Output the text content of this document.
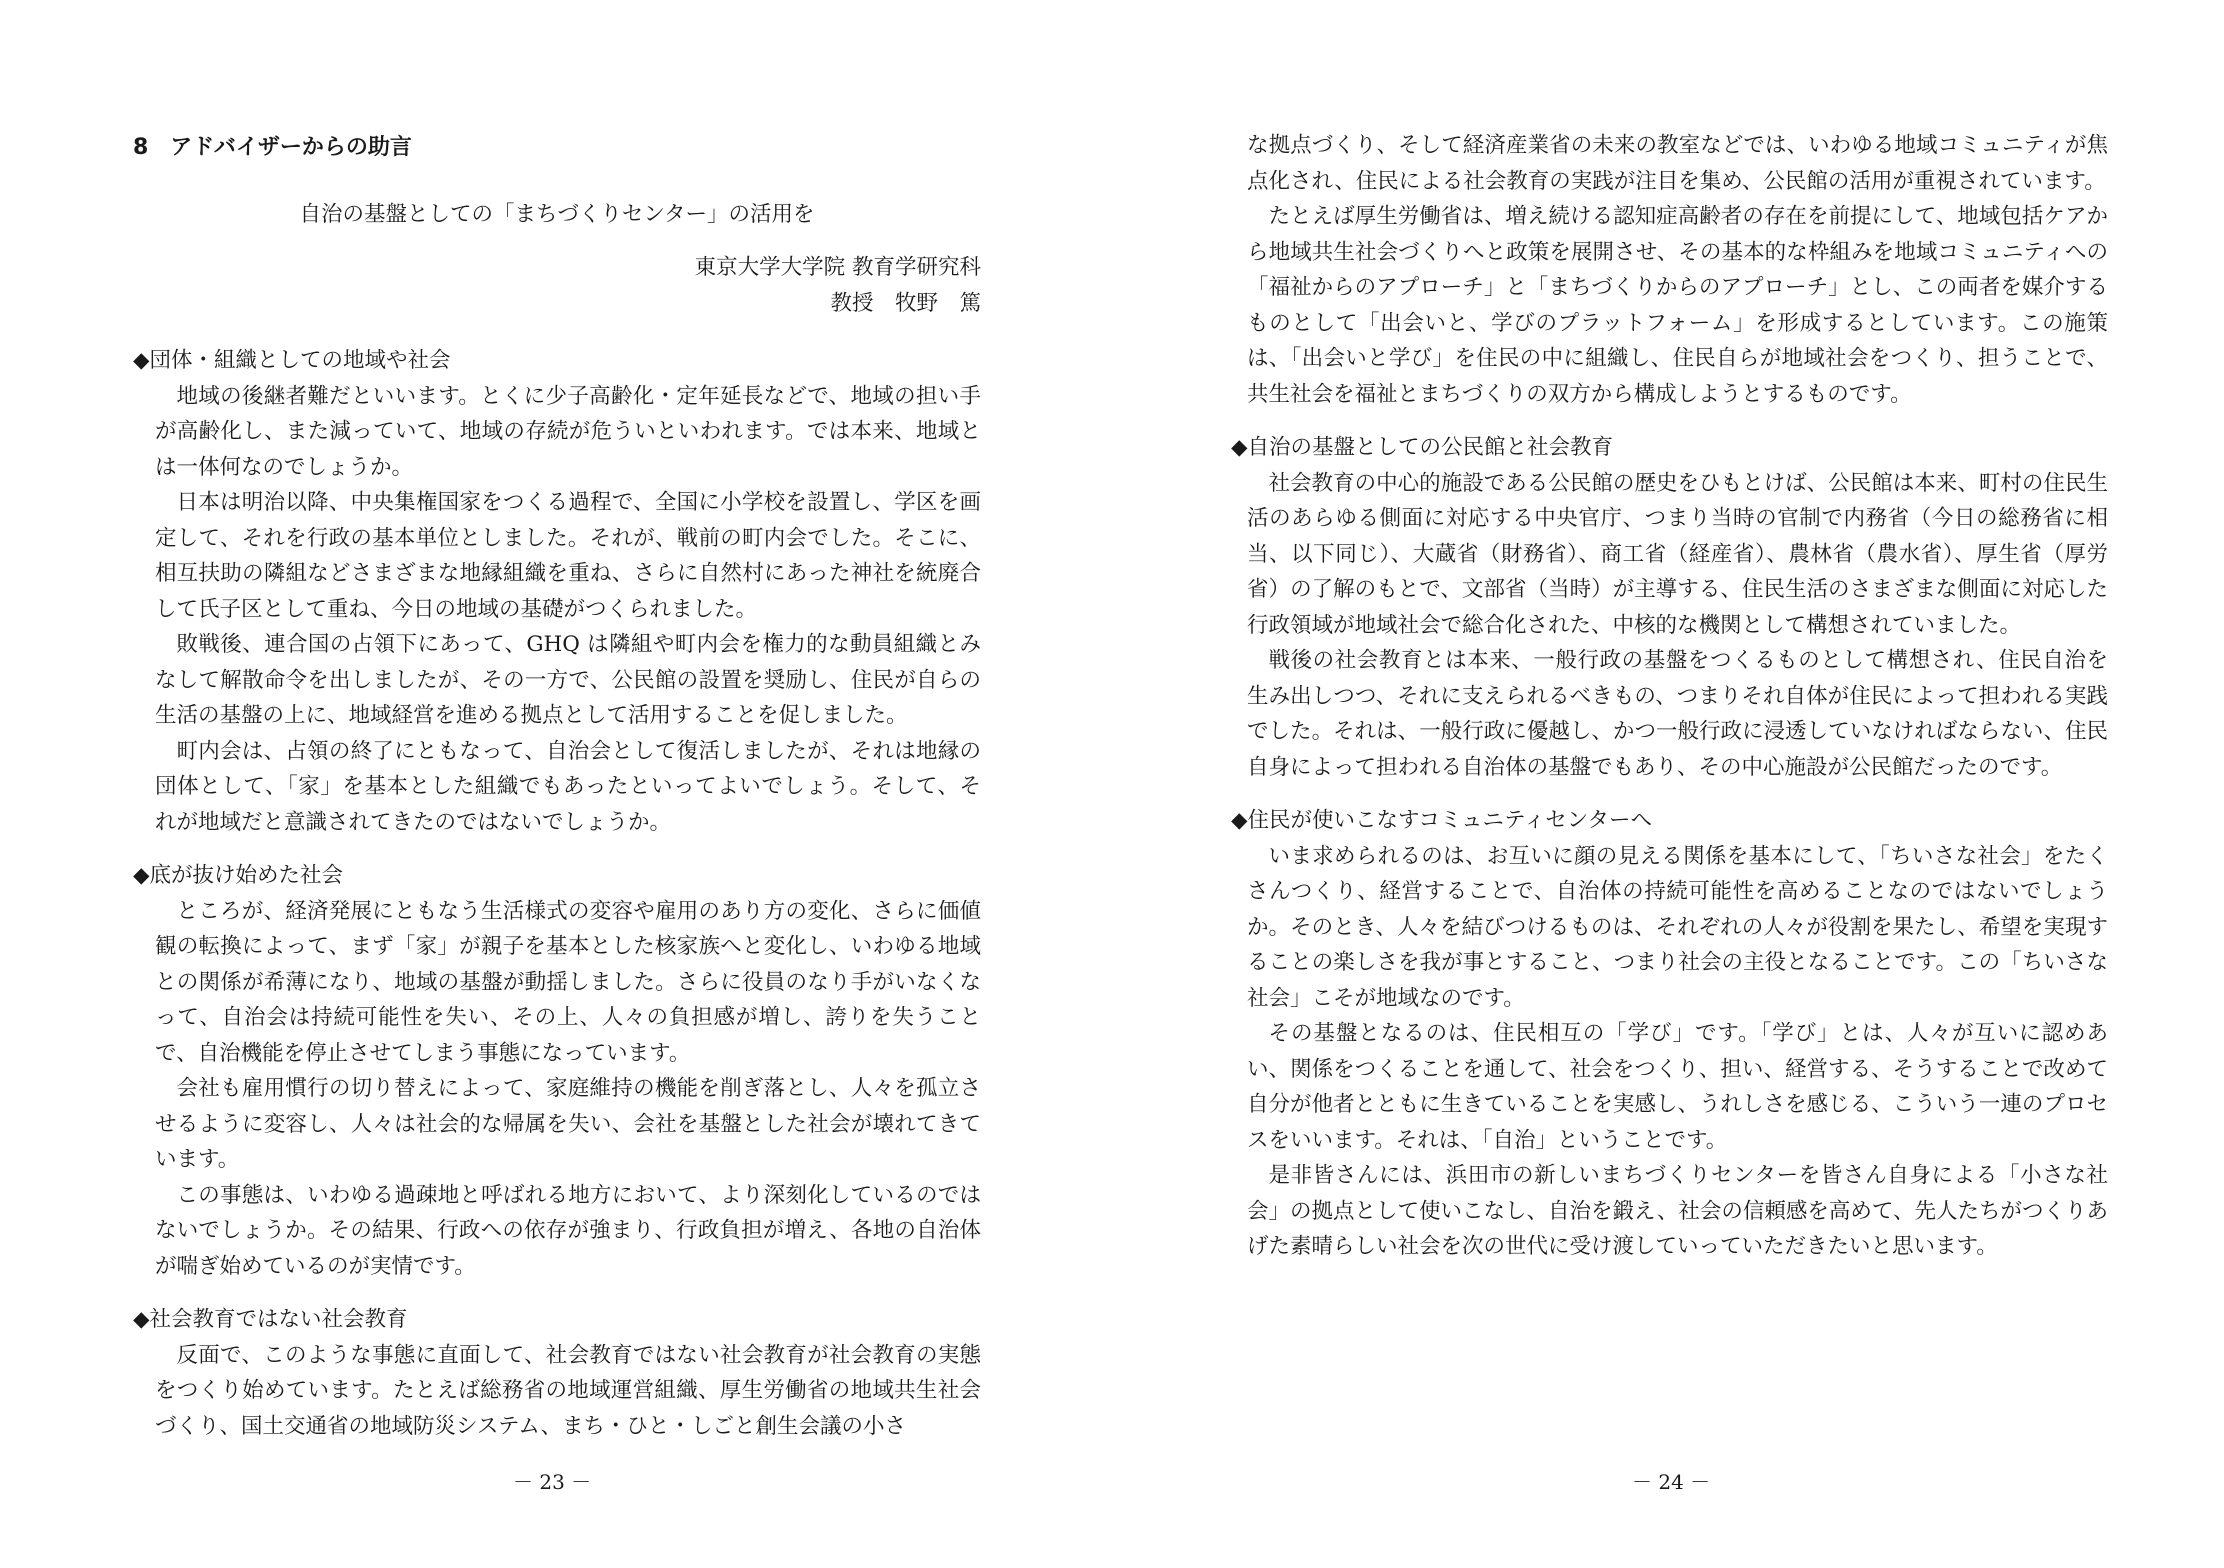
8　アドバイザーからの助言
自治の基盤としての「まちづくりセンター」の活用を
東京大学大学院 教育学研究科
教授　牧野　篤
◆団体・組織としての地域や社会

地域の後継者難だといいます。とくに少子高齢化・定年延長などで、地域の担い手が高齢化し、また減っていて、地域の存続が危ういといわれます。では本来、地域とは一体何なのでしょうか。

日本は明治以降、中央集権国家をつくる過程で、全国に小学校を設置し、学区を画定して、それを行政の基本単位としました。それが、戦前の町内会でした。そこに、相互扶助の隣組などさまざまな地縁組織を重ね、さらに自然村にあった神社を統廃合して氏子区として重ね、今日の地域の基礎がつくられました。

敗戦後、連合国の占領下にあって、GHQ は隣組や町内会を権力的な動員組織とみなして解散命令を出しましたが、その一方で、公民館の設置を奨励し、住民が自らの生活の基盤の上に、地域経営を進める拠点として活用することを促しました。

町内会は、占領の終了にともなって、自治会として復活しましたが、それは地縁の団体として、「家」を基本とした組織でもあったといってよいでしょう。そして、それが地域だと意識されてきたのではないでしょうか。

◆底が抜け始めた社会

ところが、経済発展にともなう生活様式の変容や雇用のあり方の変化、さらに価値観の転換によって、まず「家」が親子を基本とした核家族へと変化し、いわゆる地域との関係が希薄になり、地域の基盤が動揺しました。さらに役員のなり手がいなくなって、自治会は持続可能性を失い、その上、人々の負担感が増し、誇りを失うことで、自治機能を停止させてしまう事態になっています。

会社も雇用慣行の切り替えによって、家庭維持の機能を削ぎ落とし、人々を孤立させるように変容し、人々は社会的な帰属を失い、会社を基盤とした社会が壊れてきています。

この事態は、いわゆる過疎地と呼ばれる地方において、より深刻化しているのではないでしょうか。その結果、行政への依存が強まり、行政負担が増え、各地の自治体が喘ぎ始めているのが実情です。

◆社会教育ではない社会教育

反面で、このような事態に直面して、社会教育ではない社会教育が社会教育の実態をつくり始めています。たとえば総務省の地域運営組織、厚生労働省の地域共生社会づくり、国土交通省の地域防災システム、まち・ひと・しごと創生会議の小さ

－ 23 －

な拠点づくり、そして経済産業省の未来の教室などでは、いわゆる地域コミュニティが焦点化され、住民による社会教育の実践が注目を集め、公民館の活用が重視されています。

たとえば厚生労働省は、増え続ける認知症高齢者の存在を前提にして、地域包括ケアから地域共生社会づくりへと政策を展開させ、その基本的な枠組みを地域コミュニティへの「福祉からのアプローチ」と「まちづくりからのアプローチ」とし、この両者を媒介するものとして「出会いと、学びのプラットフォーム」を形成するとしています。この施策は、「出会いと学び」を住民の中に組織し、住民自らが地域社会をつくり、担うことで、共生社会を福祉とまちづくりの双方から構成しようとするものです。

◆自治の基盤としての公民館と社会教育

社会教育の中心的施設である公民館の歴史をひもとけば、公民館は本来、町村の住民生活のあらゆる側面に対応する中央官庁、つまり当時の官制で内務省（今日の総務省に相当、以下同じ）、大蔵省（財務省）、商工省（経産省）、農林省（農水省）、厚生省（厚労省）の了解のもとで、文部省（当時）が主導する、住民生活のさまざまな側面に対応した行政領域が地域社会で総合化された、中核的な機関として構想されていました。

戦後の社会教育とは本来、一般行政の基盤をつくるものとして構想され、住民自治を生み出しつつ、それに支えられるべきもの、つまりそれ自体が住民によって担われる実践でした。それは、一般行政に優越し、かつ一般行政に浸透していなければならない、住民自身によって担われる自治体の基盤でもあり、その中心施設が公民館だったのです。

◆住民が使いこなすコミュニティセンターへ

いま求められるのは、お互いに顔の見える関係を基本にして、「ちいさな社会」をたくさんつくり、経営することで、自治体の持続可能性を高めることなのではないでしょうか。そのとき、人々を結びつけるものは、それぞれの人々が役割を果たし、希望を実現することの楽しさを我が事とすること、つまり社会の主役となることです。この「ちいさな社会」こそが地域なのです。

その基盤となるのは、住民相互の「学び」です。「学び」とは、人々が互いに認めあい、関係をつくることを通して、社会をつくり、担い、経営する、そうすることで改めて自分が他者とともに生きていることを実感し、うれしさを感じる、こういう一連のプロセスをいいます。それは、「自治」ということです。

是非皆さんには、浜田市の新しいまちづくりセンターを皆さん自身による「小さな社会」の拠点として使いこなし、自治を鍛え、社会の信頼感を高めて、先人たちがつくりあげた素晴らしい社会を次の世代に受け渡していっていただきたいと思います。

－ 24 －
